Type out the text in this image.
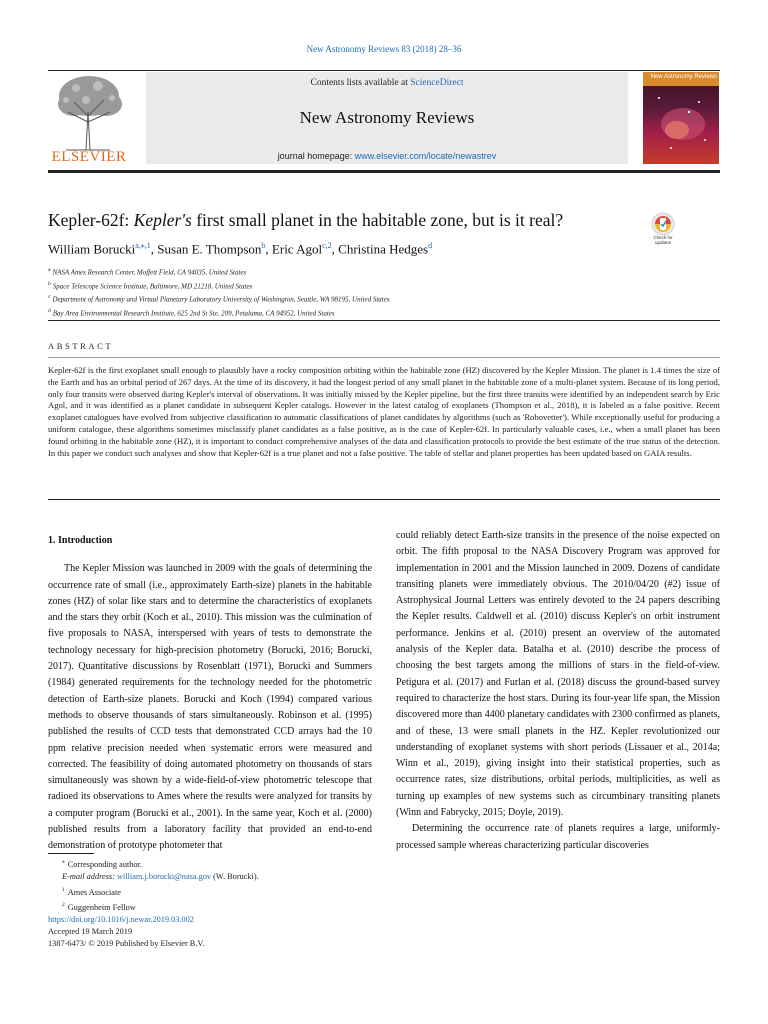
New Astronomy Reviews 83 (2018) 28–36
ELSEVIER
Contents lists available at ScienceDirect
New Astronomy Reviews
journal homepage: www.elsevier.com/locate/newastrev
New Astronomy Reviews
Kepler-62f: Kepler's first small planet in the habitable zone, but is it real?
Check for updates
William Borucki$^{a,⁎,1}$, Susan E. Thompson$^b$, Eric Agol$^{c,2}$, Christina Hedges$^d$
$^a$ NASA Ames Research Center, Moffett Field, CA 94035, United States
$^b$ Space Telescope Science Institute, Baltimore, MD 21218, United States
$^c$ Department of Astronomy and Virtual Planetary Laboratory University of Washington, Seattle, WA 98195, United States
$^d$ Bay Area Environmental Research Institute, 625 2nd St Ste. 209, Petaluma, CA 94952, United States
ABSTRACT
Kepler-62f is the first exoplanet small enough to plausibly have a rocky composition orbiting within the habitable zone (HZ) discovered by the Kepler Mission. The planet is 1.4 times the size of the Earth and has an orbital period of 267 days. At the time of its discovery, it had the longest period of any small planet in the habitable zone of a multi-planet system. Because of its long period, only four transits were observed during Kepler's interval of observations. It was initially missed by the Kepler pipeline, but the first three transits were identified by an independent search by Eric Agol, and it was identified as a planet candidate in subsequent Kepler catalogs. However in the latest catalog of exoplanets (Thompson et al., 2018), it is labeled as a false positive. Recent exoplanet catalogues have evolved from subjective classification to automatic classifications of planet candidates by algorithms (such as 'Robovetter'). While exceptionally useful for producing a uniform catalogue, these algorithms sometimes misclassify planet candidates as a false positive, as is the case of Kepler-62f. In particularly valuable cases, i.e., when a small planet has been found orbiting in the habitable zone (HZ), it is important to conduct comprehensive analyses of the data and classification protocols to provide the best estimate of the true status of the detection. In this paper we conduct such analyses and show that Kepler-62f is a true planet and not a false positive. The table of stellar and planet properties has been updated based on GAIA results.
1. Introduction

The Kepler Mission was launched in 2009 with the goals of determining the occurrence rate of small (i.e., approximately Earth-size) planets in the habitable zones (HZ) of solar like stars and to determine the characteristics of exoplanets and the stars they orbit (Koch et al., 2010). This mission was the culmination of five proposals to NASA, interspersed with years of tests to demonstrate the technology necessary for high-precision photometry (Borucki, 2016; Borucki, 2017). Quantitative discussions by Rosenblatt (1971), Borucki and Summers (1984) generated requirements for the technology needed for the photometric detection of Earth-size planets. Borucki and Koch (1994) compared various methods to observe thousands of stars simultaneously. Robinson et al. (1995) published the results of CCD tests that demonstrated CCD arrays had the 10 ppm relative precision needed when systematic errors were measured and corrected. The feasibility of doing automated photometry on thousands of stars simultaneously was shown by a wide-field-of-view photometric telescope that radioed its observations to Ames where the results were analyzed for transits by a computer program (Borucki et al., 2001). In the same year, Koch et al. (2000) published results from a laboratory facility that provided an end-to-end demonstration of prototype photometer that

could reliably detect Earth-size transits in the presence of the noise expected on orbit. The fifth proposal to the NASA Discovery Program was approved for implementation in 2001 and the Mission launched in 2009. Dozens of candidate transiting planets were immediately obvious. The 2010/04/20 (#2) issue of Astrophysical Journal Letters was entirely devoted to the 24 papers describing the Kepler results. Caldwell et al. (2010) discuss Kepler's on orbit instrument performance. Jenkins et al. (2010) present an overview of the automated analysis of the Kepler data. Batalha et al. (2010) describe the process of choosing the best targets among the millions of stars in the field-of-view. Petigura et al. (2017) and Furlan et al. (2018) discuss the ground-based survey required to characterize the host stars. During its four-year life span, the Mission discovered more than 4400 planetary candidates with 2300 confirmed as planets, and of these, 13 were small planets in the HZ. Kepler revolutionized our understanding of exoplanet systems with short periods (Lissauer et al., 2014a; Winn et al., 2019), giving insight into their statistical properties, such as occurrence rates, size distributions, orbital periods, multiplicities, as well as turning up examples of new systems such as circumbinary transiting planets (Winn and Fabrycky, 2015; Doyle, 2019).

Determining the occurrence rate of planets requires a large, uniformly-processed sample whereas characterizing particular discoveries

⁎ Corresponding author.
E-mail address: william.j.borucki@nasa.gov (W. Borucki).
$^1$ Ames Associate
$^2$ Guggenheim Fellow
https://doi.org/10.1016/j.newar.2019.03.002
Accepted 19 March 2019
1387-6473/ © 2019 Published by Elsevier B.V.
